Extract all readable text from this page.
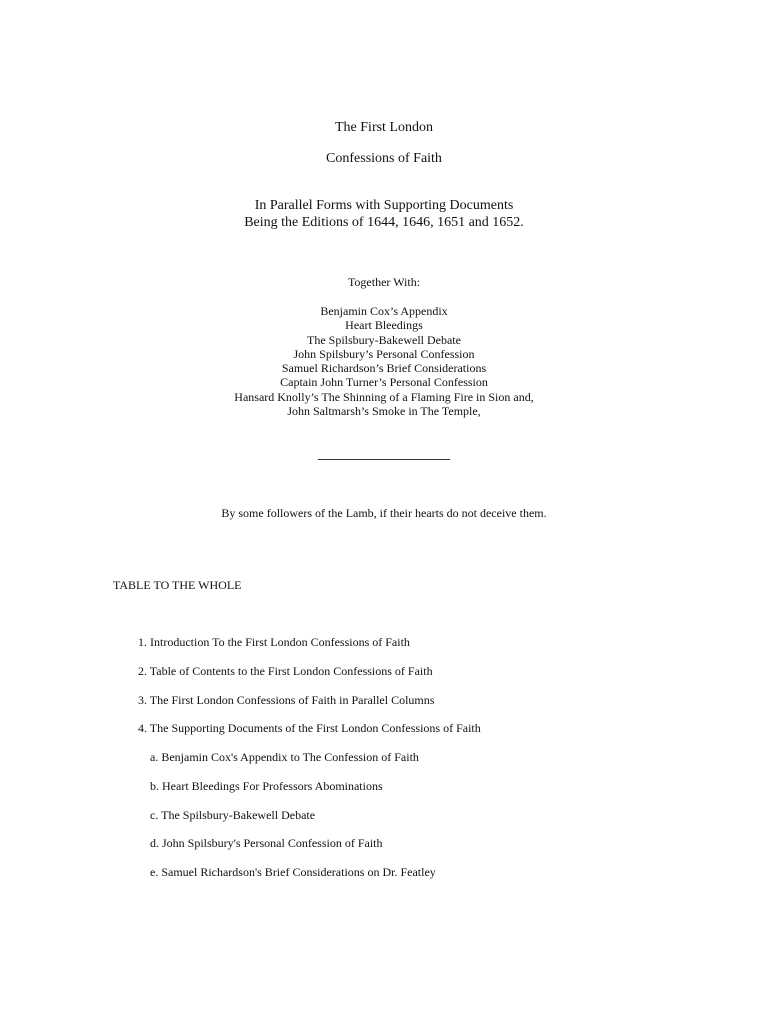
The First London
Confessions of Faith
In Parallel Forms with Supporting Documents
Being the Editions of 1644, 1646, 1651 and 1652.
Together With:
Benjamin Cox’s Appendix
Heart Bleedings
The Spilsbury-Bakewell Debate
John Spilsbury’s Personal Confession
Samuel Richardson’s Brief Considerations
Captain John Turner’s Personal Confession
Hansard Knolly’s The Shinning of a Flaming Fire in Sion and,
John Saltmarsh’s Smoke in The Temple,
By some followers of the Lamb, if their hearts do not deceive them.
TABLE TO THE WHOLE
1. Introduction To the First London Confessions of Faith
2. Table of Contents to the First London Confessions of Faith
3. The First London Confessions of Faith in Parallel Columns
4. The Supporting Documents of the First London Confessions of Faith
a. Benjamin Cox's Appendix to The Confession of Faith
b. Heart Bleedings For Professors Abominations
c. The Spilsbury-Bakewell Debate
d. John Spilsbury's Personal Confession of Faith
e. Samuel Richardson's Brief Considerations on Dr. Featley
